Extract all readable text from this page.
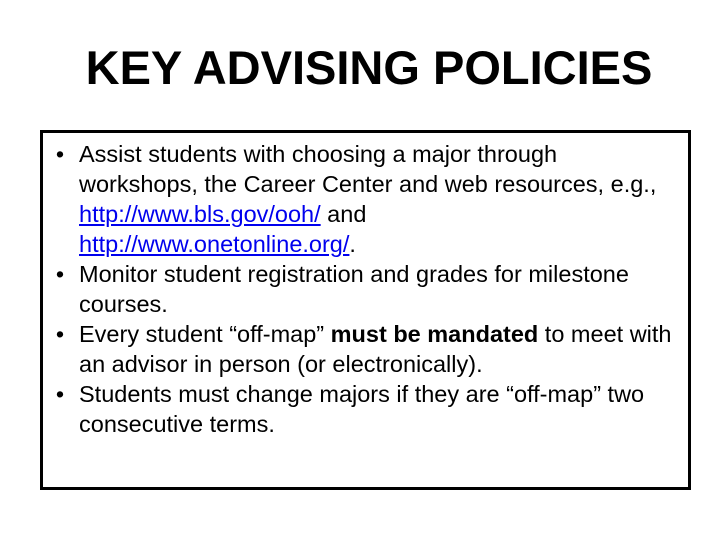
KEY ADVISING POLICIES
• Assist students with choosing a major through workshops, the Career Center and web resources, e.g., http://www.bls.gov/ooh/ and
http://www.onetonline.org/.
• Monitor student registration and grades for milestone courses.
• Every student “off-map” must be mandated to meet with an advisor in person (or electronically).
• Students must change majors if they are “off-map” two consecutive terms.
